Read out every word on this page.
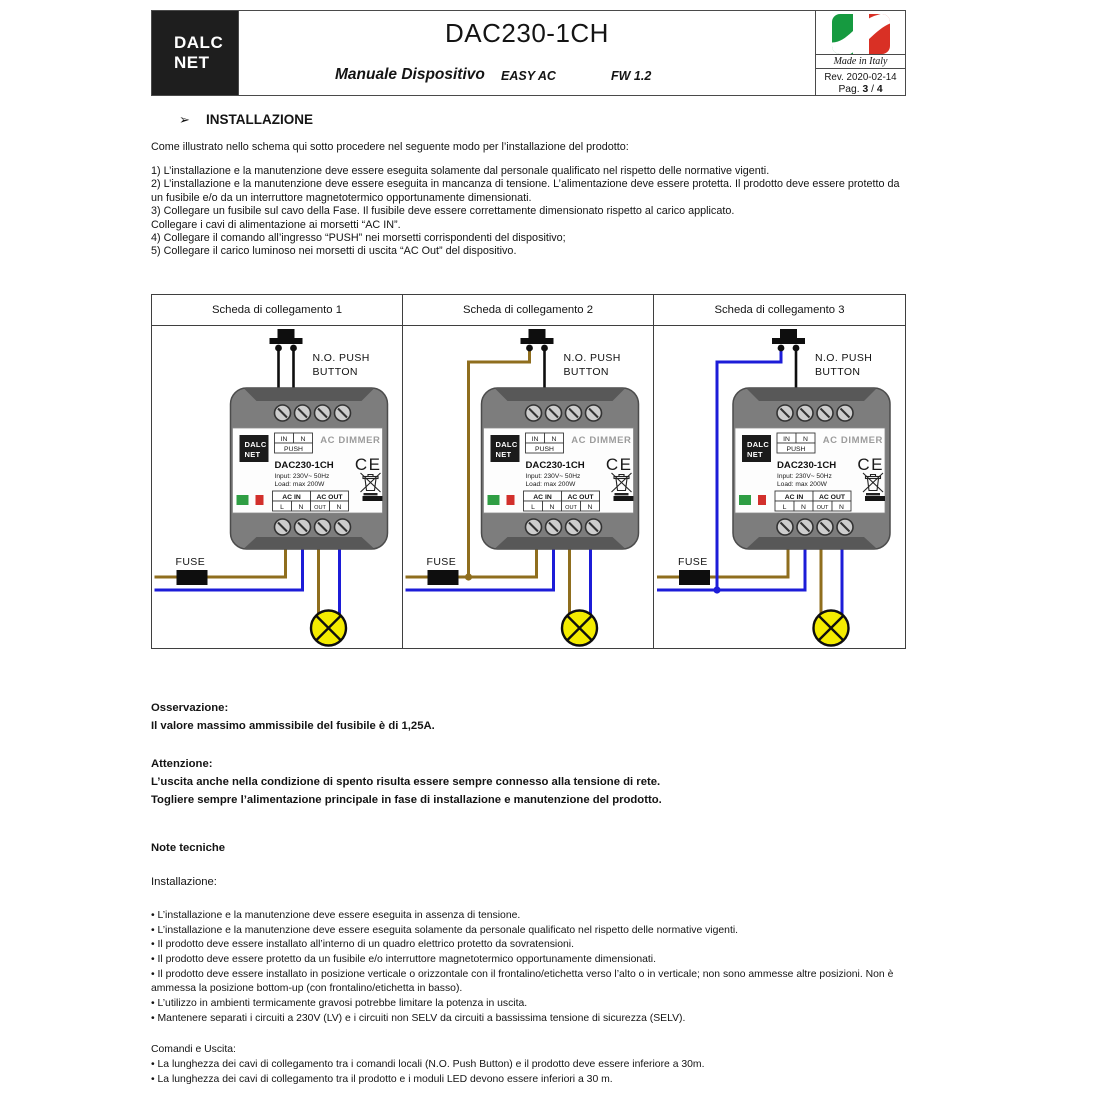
DALC
NET
DAC230-1CH
Manuale Dispositivo EASY AC	FW 1.2
Made in Italy
Rev. 2020-02-14
Pag. 3 / 4
➢	INSTALLAZIONE
Come illustrato nello schema qui sotto procedere nel seguente modo per l’installazione del prodotto:
1) L’installazione e la manutenzione deve essere eseguita solamente dal personale qualificato nel rispetto delle normative vigenti.
2) L’installazione e la manutenzione deve essere eseguita in mancanza di tensione. L’alimentazione deve essere protetta. Il prodotto deve essere protetto da un fusibile e/o da un interruttore magnetotermico opportunamente dimensionati.
3) Collegare un fusibile sul cavo della Fase. Il fusibile deve essere correttamente dimensionato rispetto al carico applicato.
Collegare i cavi di alimentazione ai morsetti “AC IN”.
4) Collegare il comando all’ingresso “PUSH” nei morsetti corrispondenti del dispositivo;
5) Collegare il carico luminoso nei morsetti di uscita “AC Out” del dispositivo.
Scheda di collegamento 1
DALC
NET
IN N
PUSH
AC DIMMER
DAC230-1CH
Input: 230V~ 50Hz
Load: max 200W
AC IN AC OUT
L N OUT N
CE
FUSE
N.O. PUSH
BUTTON
Scheda di collegamento 2
DALC
NET
IN N
PUSH
AC DIMMER
DAC230-1CH
Input: 230V~ 50Hz
Load: max 200W
AC IN AC OUT
L N OUT N
CE
FUSE
N.O. PUSH
BUTTON
Scheda di collegamento 3
DALC
NET
IN N
PUSH
AC DIMMER
DAC230-1CH
Input: 230V~ 50Hz
Load: max 200W
AC IN AC OUT
L N OUT N
CE
FUSE
N.O. PUSH
BUTTON
Osservazione:
Il valore massimo ammissibile del fusibile è di 1,25A.
Attenzione:
L’uscita anche nella condizione di spento risulta essere sempre connesso alla tensione di rete.
Togliere sempre l’alimentazione principale in fase di installazione e manutenzione del prodotto.
Note tecniche
Installazione:
• L’installazione e la manutenzione deve essere eseguita in assenza di tensione.
• L’installazione e la manutenzione deve essere eseguita solamente da personale qualificato nel rispetto delle normative vigenti.
• Il prodotto deve essere installato all’interno di un quadro elettrico protetto da sovratensioni.
• Il prodotto deve essere protetto da un fusibile e/o interruttore magnetotermico opportunamente dimensionati.
• Il prodotto deve essere installato in posizione verticale o orizzontale con il frontalino/etichetta verso l’alto o in verticale; non sono ammesse altre posizioni. Non è ammessa la posizione bottom-up (con frontalino/etichetta in basso).
• L’utilizzo in ambienti termicamente gravosi potrebbe limitare la potenza in uscita.
• Mantenere separati i circuiti a 230V (LV) e i circuiti non SELV da circuiti a bassissima tensione di sicurezza (SELV).
Comandi e Uscita:
• La lunghezza dei cavi di collegamento tra i comandi locali (N.O. Push Button) e il prodotto deve essere inferiore a 30m.
• La lunghezza dei cavi di collegamento tra il prodotto e i moduli LED devono essere inferiori a 30 m.
